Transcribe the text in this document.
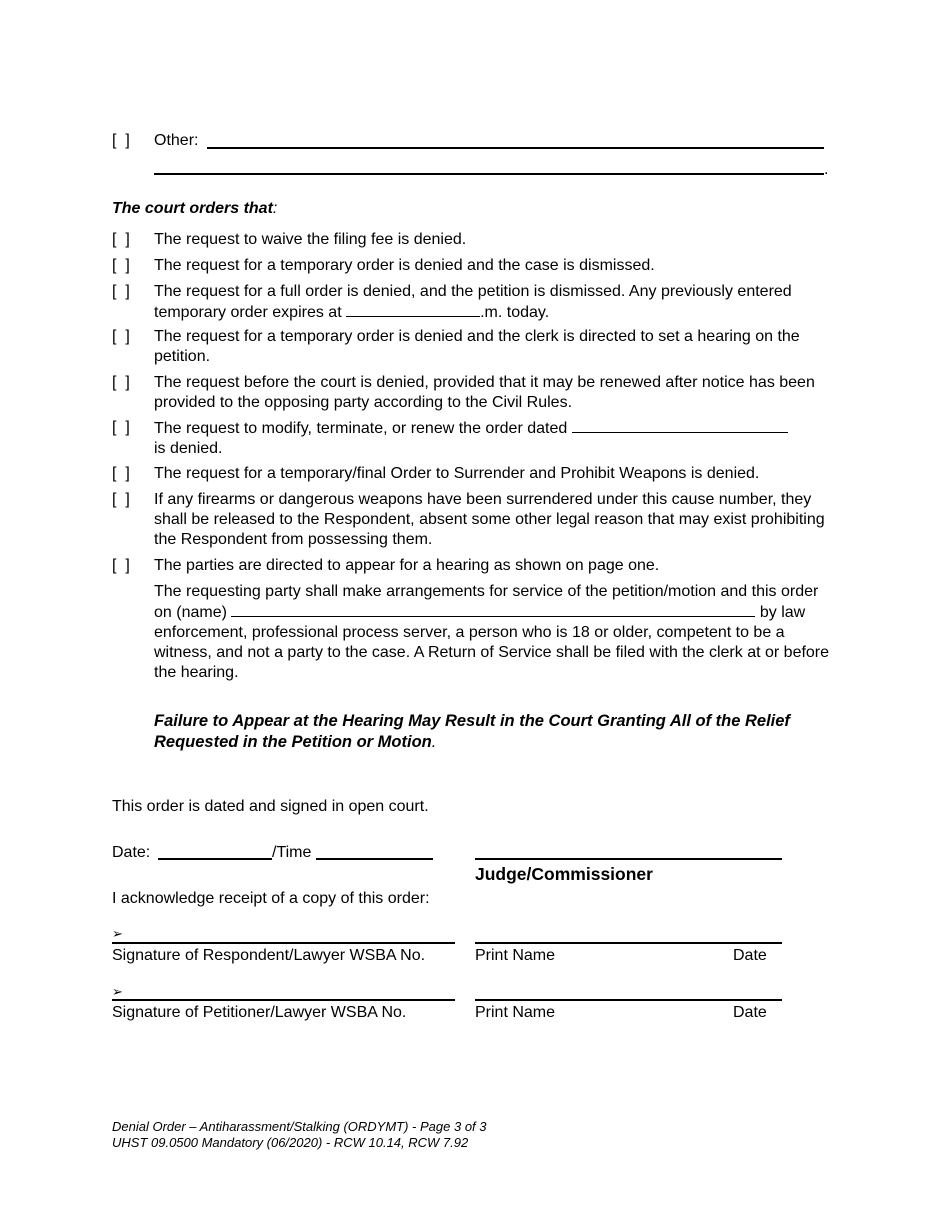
[  ]	Other:
.
The court orders that:
[  ]	The request to waive the filing fee is denied.
[  ]	The request for a temporary order is denied and the case is dismissed.
[  ]	The request for a full order is denied, and the petition is dismissed. Any previously entered temporary order expires at	.m. today.
[  ]	The request for a temporary order is denied and the clerk is directed to set a hearing on the petition.
[  ]	The request before the court is denied, provided that it may be renewed after notice has been provided to the opposing party according to the Civil Rules.
[  ]	The request to modify, terminate, or renew the order dated
is denied.
[  ]	The request for a temporary/final Order to Surrender and Prohibit Weapons is denied.
[  ]	If any firearms or dangerous weapons have been surrendered under this cause number, they shall be released to the Respondent, absent some other legal reason that may exist prohibiting the Respondent from possessing them.
[  ]	The parties are directed to appear for a hearing as shown on page one.
The requesting party shall make arrangements for service of the petition/motion and this order on (name)	by law enforcement, professional process server, a person who is 18 or older, competent to be a witness, and not a party to the case. A Return of Service shall be filed with the clerk at or before the hearing.
Failure to Appear at the Hearing May Result in the Court Granting All of the Relief Requested in the Petition or Motion.
This order is dated and signed in open court.
Date:	/Time
Judge/Commissioner
I acknowledge receipt of a copy of this order:
➢
Signature of Respondent/Lawyer WSBA No.	Print Name	Date
➢
Signature of Petitioner/Lawyer WSBA No.	Print Name	Date
Denial Order – Antiharassment/Stalking (ORDYMT) - Page 3 of 3
UHST 09.0500 Mandatory (06/2020) - RCW 10.14, RCW 7.92
